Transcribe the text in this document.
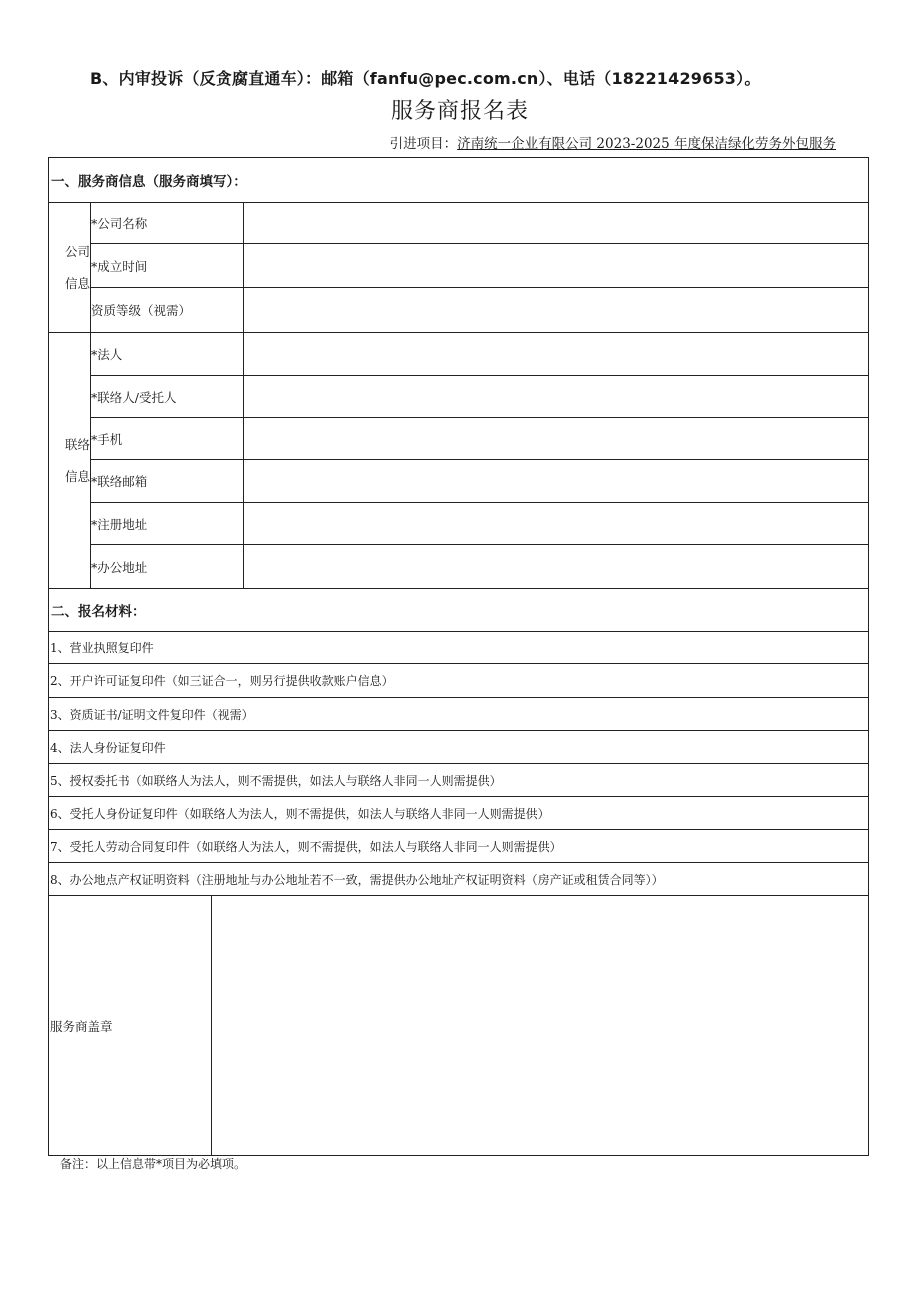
B、内审投诉（反贪腐直通车）：邮箱（fanfu@pec.com.cn）、电话（18221429653）。
服务商报名表
引进项目：济南统一企业有限公司 2023-2025 年度保洁绿化劳务外包服务
一、服务商信息（服务商填写）：
公司信息
*公司名称
*成立时间
资质等级（视需）
联络信息
*法人
*联络人/受托人
*手机
*联络邮箱
*注册地址
*办公地址
二、报名材料：
1、营业执照复印件
2、开户许可证复印件（如三证合一，则另行提供收款账户信息）
3、资质证书/证明文件复印件（视需）
4、法人身份证复印件
5、授权委托书（如联络人为法人，则不需提供，如法人与联络人非同一人则需提供）
6、受托人身份证复印件（如联络人为法人，则不需提供，如法人与联络人非同一人则需提供）
7、受托人劳动合同复印件（如联络人为法人，则不需提供，如法人与联络人非同一人则需提供）
8、办公地点产权证明资料（注册地址与办公地址若不一致，需提供办公地址产权证明资料（房产证或租赁合同等））
服务商盖章
备注：以上信息带*项目为必填项。
